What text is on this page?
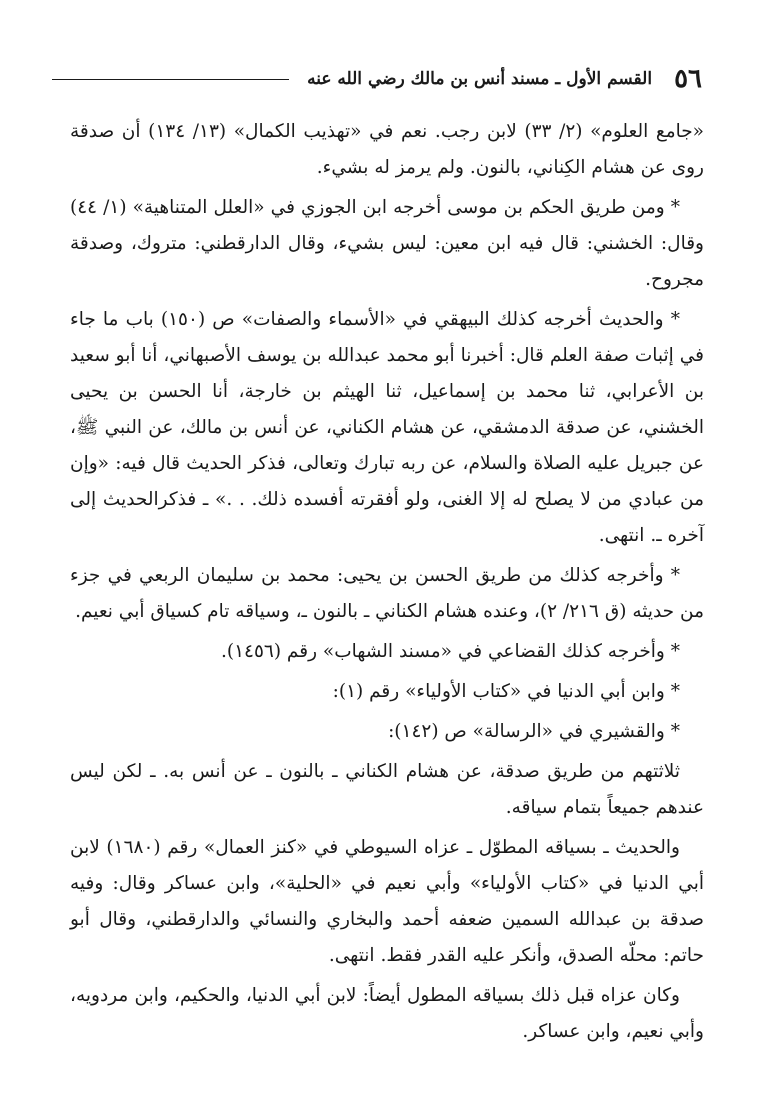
٥٦
القسم الأول ـ مسند أنس بن مالك رضي الله عنه

«جامع العلوم» (٢/ ٣٣) لابن رجب. نعم في «تهذيب الكمال» (١٣/ ١٣٤) أن صدقة روى عن هشام الكِناني، بالنون. ولم يرمز له بشيء.

* ومن طريق الحكم بن موسى أخرجه ابن الجوزي في «العلل المتناهية» (١/ ٤٤) وقال: الخشني: قال فيه ابن معين: ليس بشيء، وقال الدارقطني: متروك، وصدقة مجروح.

* والحديث أخرجه كذلك البيهقي في «الأسماء والصفات» ص (١٥٠) باب ما جاء في إثبات صفة العلم قال: أخبرنا أبو محمد عبدالله بن يوسف الأصبهاني، أنا أبو سعيد بن الأعرابي، ثنا محمد بن إسماعيل، ثنا الهيثم بن خارجة، أنا الحسن بن يحيى الخشني، عن صدقة الدمشقي، عن هشام الكناني، عن أنس بن مالك، عن النبي ﷺ، عن جبريل عليه الصلاة والسلام، عن ربه تبارك وتعالى، فذكر الحديث قال فيه: «وإن من عبادي من لا يصلح له إلا الغنى، ولو أفقرته أفسده ذلك. . .» ـ فذكرالحديث إلى آخره ـ. انتهى.

* وأخرجه كذلك من طريق الحسن بن يحيى: محمد بن سليمان الربعي في جزء من حديثه (ق ٢١٦/ ٢)، وعنده هشام الكناني ـ بالنون ـ، وسياقه تام كسياق أبي نعيم.

* وأخرجه كذلك القضاعي في «مسند الشهاب» رقم (١٤٥٦).

* وابن أبي الدنيا في «كتاب الأولياء» رقم (١):

* والقشيري في «الرسالة» ص (١٤٢):

ثلاثتهم من طريق صدقة، عن هشام الكناني ـ بالنون ـ عن أنس به. ـ لكن ليس عندهم جميعاً بتمام سياقه.

والحديث ـ بسياقه المطوّل ـ عزاه السيوطي في «كنز العمال» رقم (١٦٨٠) لابن أبي الدنيا في «كتاب الأولياء» وأبي نعيم في «الحلية»، وابن عساكر وقال: وفيه صدقة بن عبدالله السمين ضعفه أحمد والبخاري والنسائي والدارقطني، وقال أبو حاتم: محلّه الصدق، وأنكر عليه القدر فقط. انتهى.

وكان عزاه قبل ذلك بسياقه المطول أيضاً: لابن أبي الدنيا، والحكيم، وابن مردويه، وأبي نعيم، وابن عساكر.
